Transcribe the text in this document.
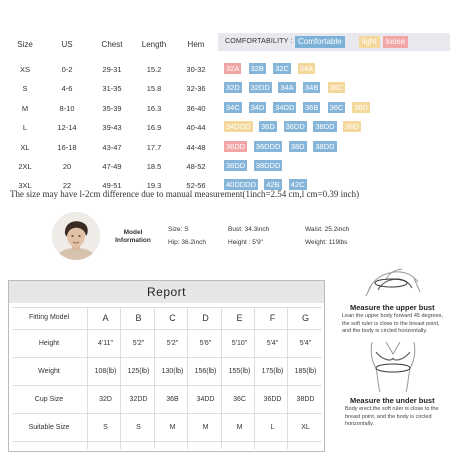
Size	US	Chest	Length	Hem
XS	0-2	29-31	15.2	30-32
S	4-6	31-35	15.8	32-36
M	8-10	35-39	16.3	36-40
L	12-14	39-43	16.9	40-44
XL	16-18	43-47	17.7	44-48
2XL	20	47-49	18.5	48-52
3XL	22	49-51	19.3	52-56
COMFORTABILITY : Comfortable	light	loose
32A 32B 32C 34A
32D 32DD 34A 34B 36C
34C 34D 34DD 36B 36C 36D
34DDD 36D 36DD 38DD 38D
36DD 36DDD 38D 38DD
38DD 38DDD
40DDDD 42B 42C
The size may have l-2cm difference due to manual measurement(1inch=2.54 cm,l cm=0.39 inch)
Model
Information
Size: S	Bust: 34.3inch	Waist: 25.2inch
Hip: 36.2inch	Height : 5'9"	Weight: 119lbs
Report
Fitting Model	A	B	C	D	E	F	G
Height	4'11"	5'2"	5'2"	5'6"	5'10"	5'4"	5'4"
Weight	108(lb)	125(lb)	130(lb)	156(lb)	155(lb)	175(lb)	185(lb)
Cup Size	32D	32DD	36B	34DD	36C	36DD	38DD
Suitable Size	S	S	M	M	M	L	XL
Measure the upper bust
Lean the upper body forward 45 degrees, the soft ruler is close to the breast point, and the body is circled horizontally.
Measure the under bust
Body erect,the soft ruler is close to the breast point, and the body is circled horizontally.
